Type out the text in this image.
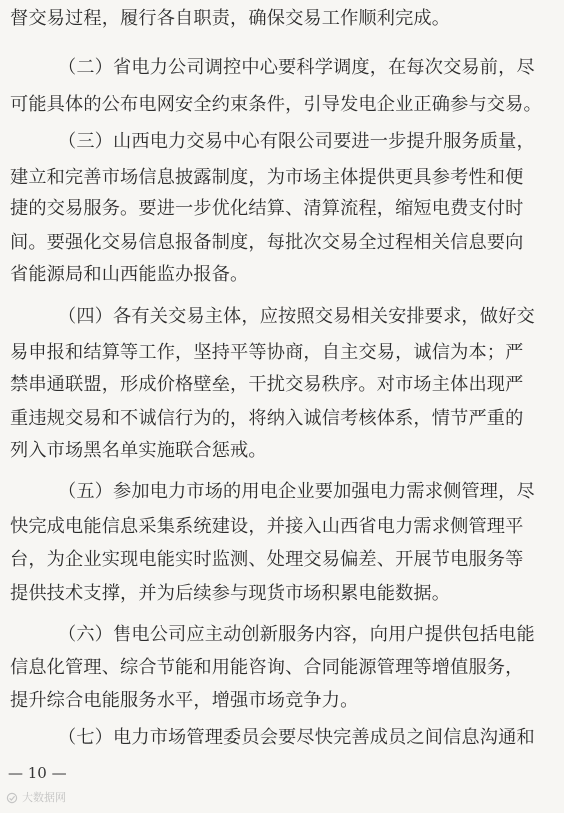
督交易过程，履行各自职责，确保交易工作顺利完成。
（二）省电力公司调控中心要科学调度，在每次交易前，尽
可能具体的公布电网安全约束条件，引导发电企业正确参与交易。
（三）山西电力交易中心有限公司要进一步提升服务质量，
建立和完善市场信息披露制度，为市场主体提供更具参考性和便
捷的交易服务。要进一步优化结算、清算流程，缩短电费支付时
间。要强化交易信息报备制度，每批次交易全过程相关信息要向
省能源局和山西能监办报备。
（四）各有关交易主体，应按照交易相关安排要求，做好交
易申报和结算等工作，坚持平等协商，自主交易，诚信为本；严
禁串通联盟，形成价格壁垒，干扰交易秩序。对市场主体出现严
重违规交易和不诚信行为的，将纳入诚信考核体系，情节严重的
列入市场黑名单实施联合惩戒。
（五）参加电力市场的用电企业要加强电力需求侧管理，尽
快完成电能信息采集系统建设，并接入山西省电力需求侧管理平
台，为企业实现电能实时监测、处理交易偏差、开展节电服务等
提供技术支撑，并为后续参与现货市场积累电能数据。
（六）售电公司应主动创新服务内容，向用户提供包括电能
信息化管理、综合节能和用能咨询、合同能源管理等增值服务，
提升综合电能服务水平，增强市场竞争力。
（七）电力市场管理委员会要尽快完善成员之间信息沟通和
— 10 —
大数据网
